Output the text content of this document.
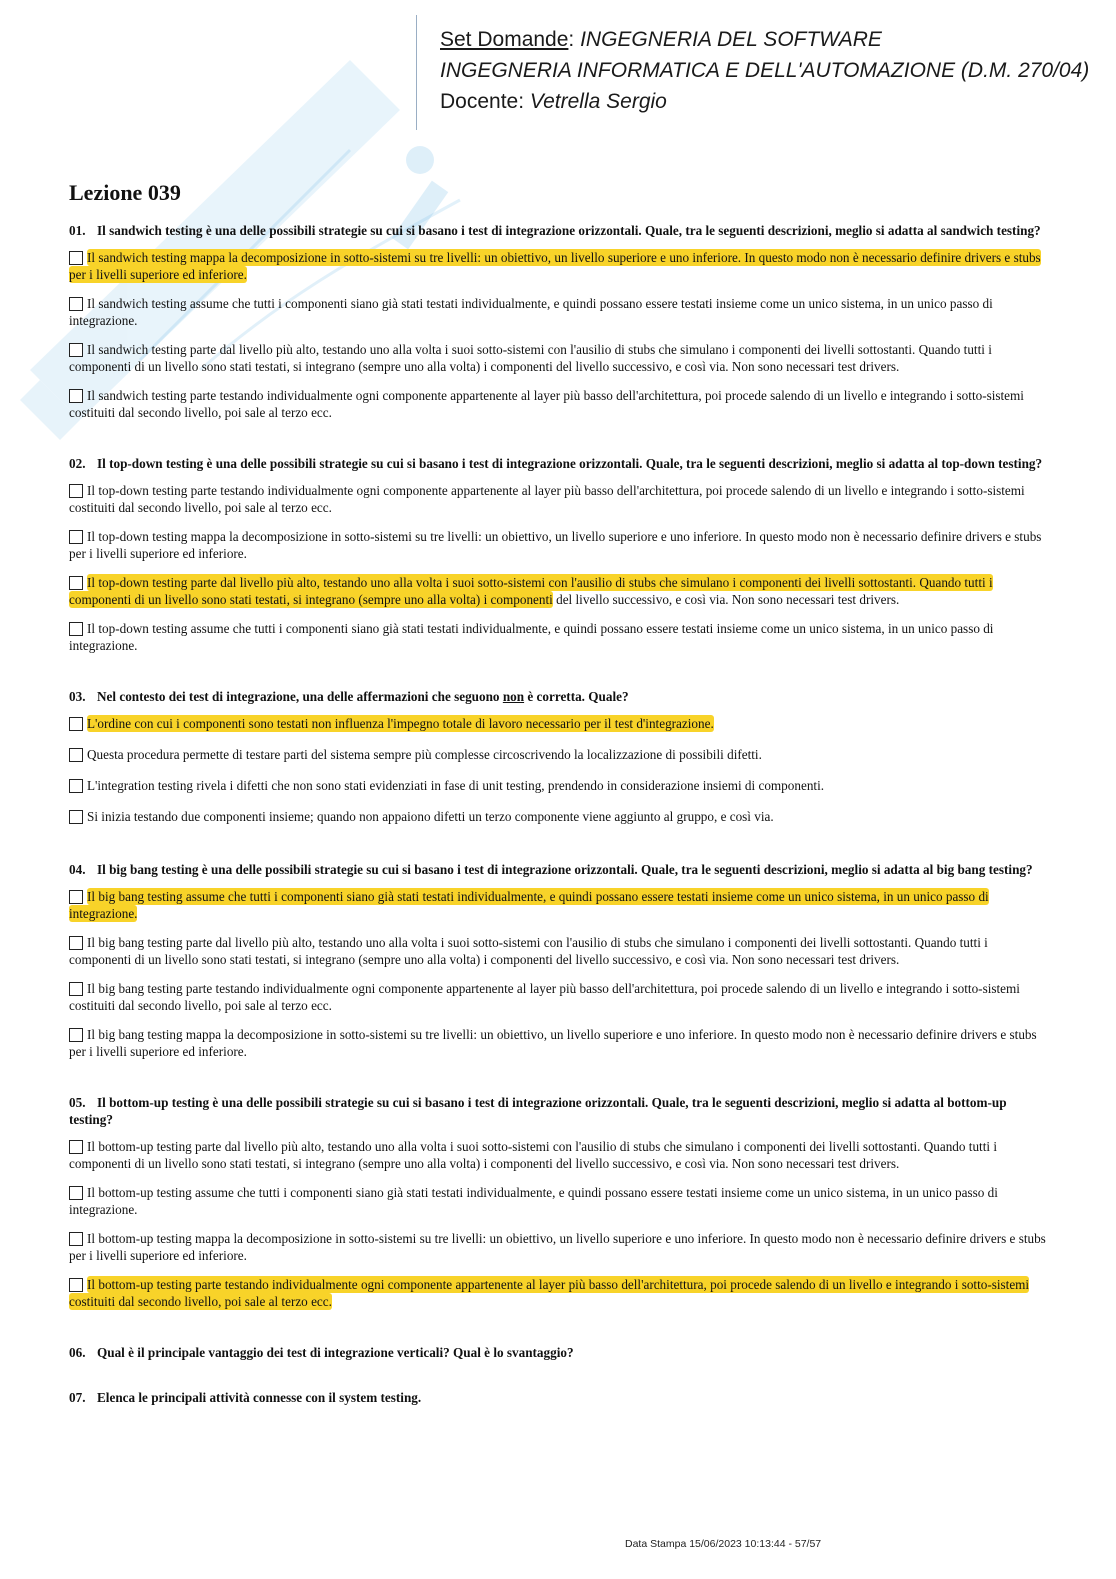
Set Domande: INGEGNERIA DEL SOFTWARE
INGEGNERIA INFORMATICA E DELL'AUTOMAZIONE (D.M. 270/04)
Docente: Vetrella Sergio
Lezione 039
01. Il sandwich testing è una delle possibili strategie su cui si basano i test di integrazione orizzontali. Quale, tra le seguenti descrizioni, meglio si adatta al sandwich testing?
Il sandwich testing mappa la decomposizione in sotto-sistemi su tre livelli: un obiettivo, un livello superiore e uno inferiore. In questo modo non è necessario definire drivers e stubs per i livelli superiore ed inferiore.
Il sandwich testing assume che tutti i componenti siano già stati testati individualmente, e quindi possano essere testati insieme come un unico sistema, in un unico passo di integrazione.
Il sandwich testing parte dal livello più alto, testando uno alla volta i suoi sotto-sistemi con l'ausilio di stubs che simulano i componenti dei livelli sottostanti. Quando tutti i componenti di un livello sono stati testati, si integrano (sempre uno alla volta) i componenti del livello successivo, e così via. Non sono necessari test drivers.
Il sandwich testing parte testando individualmente ogni componente appartenente al layer più basso dell'architettura, poi procede salendo di un livello e integrando i sotto-sistemi costituiti dal secondo livello, poi sale al terzo ecc.
02. Il top-down testing è una delle possibili strategie su cui si basano i test di integrazione orizzontali. Quale, tra le seguenti descrizioni, meglio si adatta al top-down testing?
Il top-down testing parte testando individualmente ogni componente appartenente al layer più basso dell'architettura, poi procede salendo di un livello e integrando i sotto-sistemi costituiti dal secondo livello, poi sale al terzo ecc.
Il top-down testing mappa la decomposizione in sotto-sistemi su tre livelli: un obiettivo, un livello superiore e uno inferiore. In questo modo non è necessario definire drivers e stubs per i livelli superiore ed inferiore.
Il top-down testing parte dal livello più alto, testando uno alla volta i suoi sotto-sistemi con l'ausilio di stubs che simulano i componenti dei livelli sottostanti. Quando tutti i componenti di un livello sono stati testati, si integrano (sempre uno alla volta) i componenti del livello successivo, e così via. Non sono necessari test drivers.
Il top-down testing assume che tutti i componenti siano già stati testati individualmente, e quindi possano essere testati insieme come un unico sistema, in un unico passo di integrazione.
03. Nel contesto dei test di integrazione, una delle affermazioni che seguono non è corretta. Quale?
L'ordine con cui i componenti sono testati non influenza l'impegno totale di lavoro necessario per il test d'integrazione.
Questa procedura permette di testare parti del sistema sempre più complesse circoscrivendo la localizzazione di possibili difetti.
L'integration testing rivela i difetti che non sono stati evidenziati in fase di unit testing, prendendo in considerazione insiemi di componenti.
Si inizia testando due componenti insieme; quando non appaiono difetti un terzo componente viene aggiunto al gruppo, e così via.
04. Il big bang testing è una delle possibili strategie su cui si basano i test di integrazione orizzontali. Quale, tra le seguenti descrizioni, meglio si adatta al big bang testing?
Il big bang testing assume che tutti i componenti siano già stati testati individualmente, e quindi possano essere testati insieme come un unico sistema, in un unico passo di integrazione.
Il big bang testing parte dal livello più alto, testando uno alla volta i suoi sotto-sistemi con l'ausilio di stubs che simulano i componenti dei livelli sottostanti. Quando tutti i componenti di un livello sono stati testati, si integrano (sempre uno alla volta) i componenti del livello successivo, e così via. Non sono necessari test drivers.
Il big bang testing parte testando individualmente ogni componente appartenente al layer più basso dell'architettura, poi procede salendo di un livello e integrando i sotto-sistemi costituiti dal secondo livello, poi sale al terzo ecc.
Il big bang testing mappa la decomposizione in sotto-sistemi su tre livelli: un obiettivo, un livello superiore e uno inferiore. In questo modo non è necessario definire drivers e stubs per i livelli superiore ed inferiore.
05. Il bottom-up testing è una delle possibili strategie su cui si basano i test di integrazione orizzontali. Quale, tra le seguenti descrizioni, meglio si adatta al bottom-up testing?
Il bottom-up testing parte dal livello più alto, testando uno alla volta i suoi sotto-sistemi con l'ausilio di stubs che simulano i componenti dei livelli sottostanti. Quando tutti i componenti di un livello sono stati testati, si integrano (sempre uno alla volta) i componenti del livello successivo, e così via. Non sono necessari test drivers.
Il bottom-up testing assume che tutti i componenti siano già stati testati individualmente, e quindi possano essere testati insieme come un unico sistema, in un unico passo di integrazione.
Il bottom-up testing mappa la decomposizione in sotto-sistemi su tre livelli: un obiettivo, un livello superiore e uno inferiore. In questo modo non è necessario definire drivers e stubs per i livelli superiore ed inferiore.
Il bottom-up testing parte testando individualmente ogni componente appartenente al layer più basso dell'architettura, poi procede salendo di un livello e integrando i sotto-sistemi costituiti dal secondo livello, poi sale al terzo ecc.
06. Qual è il principale vantaggio dei test di integrazione verticali? Qual è lo svantaggio?
07. Elenca le principali attività connesse con il system testing.
Data Stampa 15/06/2023 10:13:44 - 57/57
